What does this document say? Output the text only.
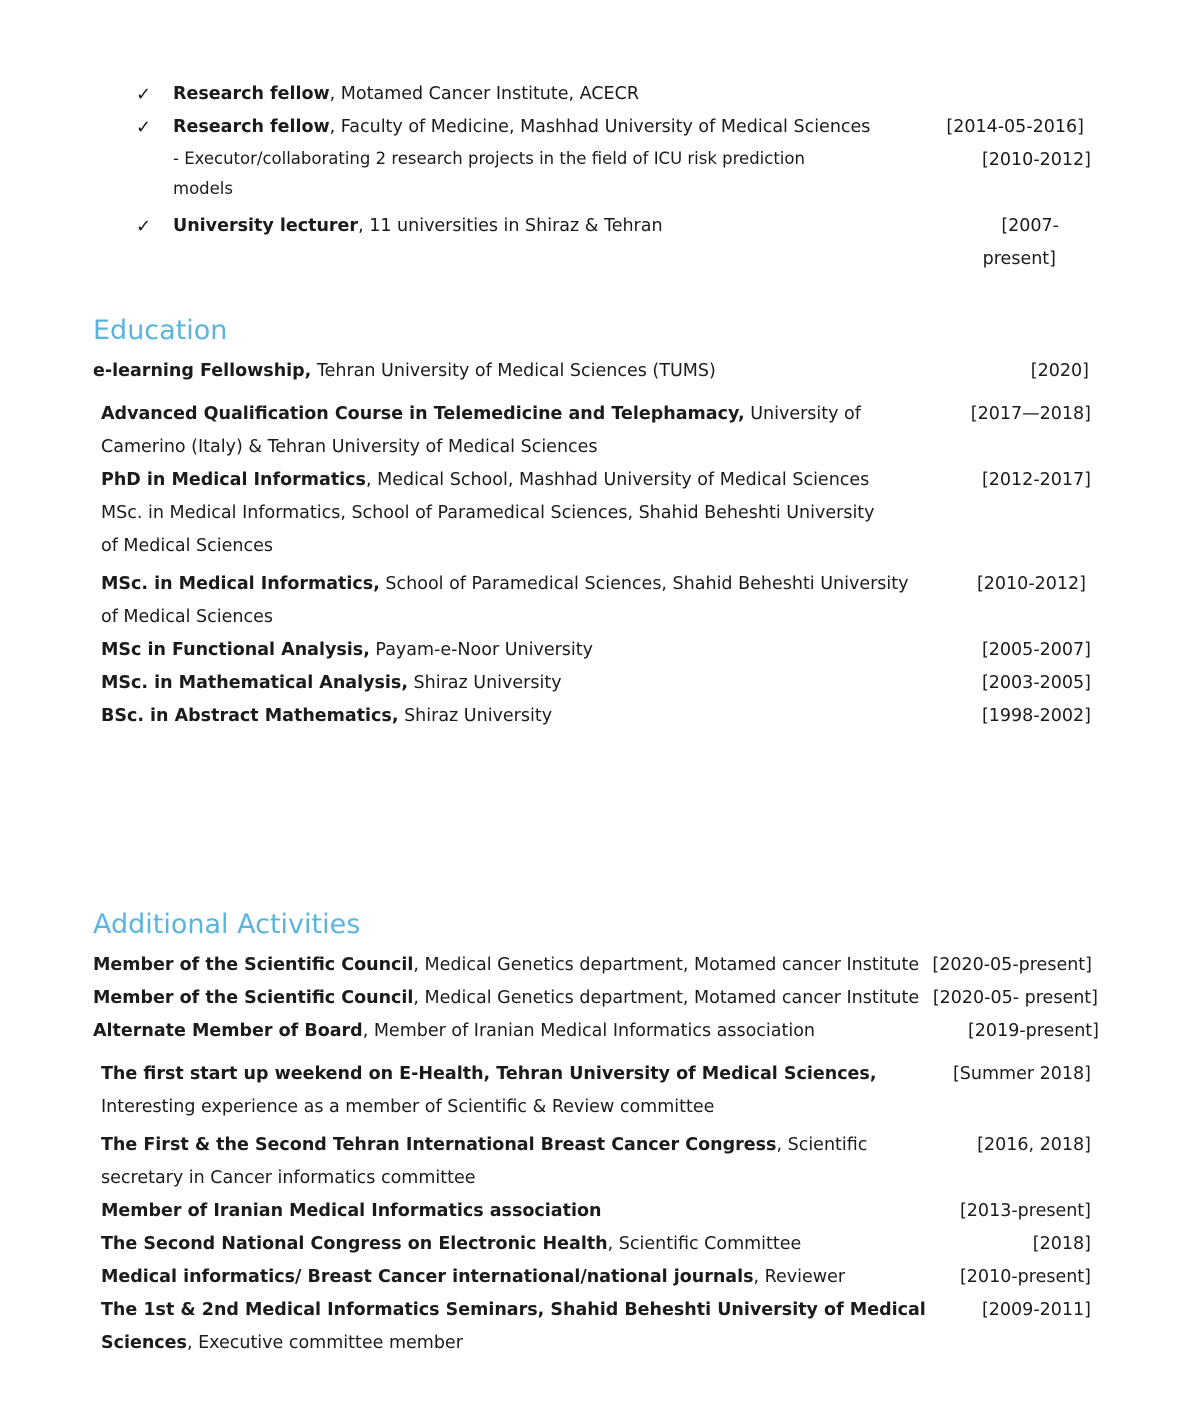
✓ Research fellow, Motamed Cancer Institute, ACECR
✓ Research fellow, Faculty of Medicine, Mashhad University of Medical Sciences	[2014-05-2016]
- Executor/collaborating 2 research projects in the field of ICU risk prediction	[2010-2012]
models
✓ University lecturer, 11 universities in Shiraz & Tehran	[2007-
present]
Education
e-learning Fellowship, Tehran University of Medical Sciences (TUMS)	[2020]
Advanced Qualification Course in Telemedicine and Telephamacy, University of	[2017—2018]
Camerino (Italy) & Tehran University of Medical Sciences
PhD in Medical Informatics, Medical School, Mashhad University of Medical Sciences	[2012-2017]
MSc. in Medical Informatics, School of Paramedical Sciences, Shahid Beheshti University
of Medical Sciences
MSc. in Medical Informatics, School of Paramedical Sciences, Shahid Beheshti University	[2010-2012]
of Medical Sciences
MSc in Functional Analysis, Payam-e-Noor University	[2005-2007]
MSc. in Mathematical Analysis, Shiraz University	[2003-2005]
BSc. in Abstract Mathematics, Shiraz University	[1998-2002]
Additional Activities
Member of the Scientific Council, Medical Genetics department, Motamed cancer Institute [2020-05-present]
Member of the Scientific Council, Medical Genetics department, Motamed cancer Institute [2020-05- present]
Alternate Member of Board, Member of Iranian Medical Informatics association	[2019-present]
The first start up weekend on E-Health, Tehran University of Medical Sciences,	[Summer 2018]
Interesting experience as a member of Scientific & Review committee
The First & the Second Tehran International Breast Cancer Congress, Scientific	[2016, 2018]
secretary in Cancer informatics committee
Member of Iranian Medical Informatics association	[2013-present]
The Second National Congress on Electronic Health, Scientific Committee	[2018]
Medical informatics/ Breast Cancer international/national journals, Reviewer	[2010-present]
The 1st & 2nd Medical Informatics Seminars, Shahid Beheshti University of Medical	[2009-2011]
Sciences, Executive committee member
